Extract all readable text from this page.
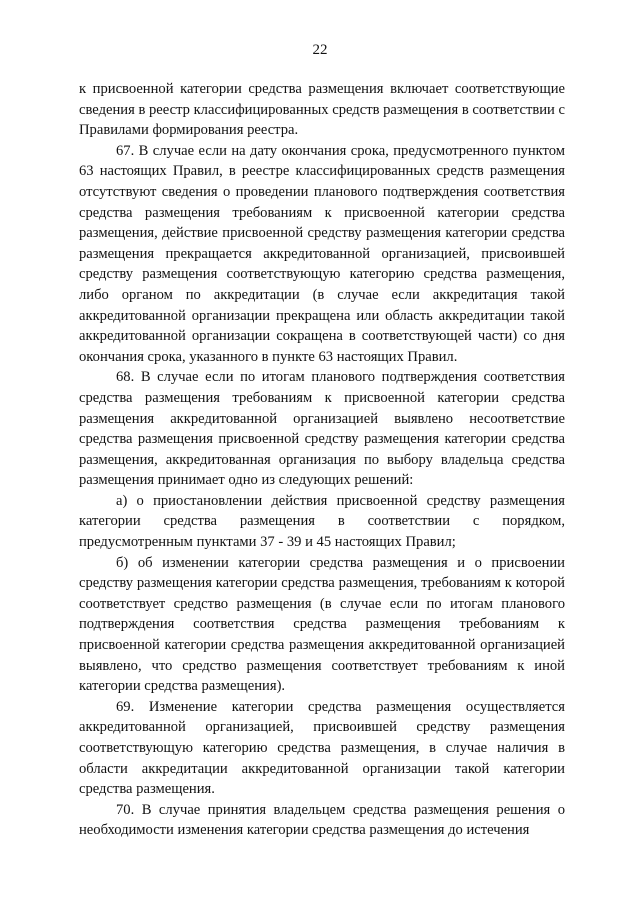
22

к присвоенной категории средства размещения включает соответствующие сведения в реестр классифицированных средств размещения в соответствии с Правилами формирования реестра.

67. В случае если на дату окончания срока, предусмотренного пунктом 63 настоящих Правил, в реестре классифицированных средств размещения отсутствуют сведения о проведении планового подтверждения соответствия средства размещения требованиям к присвоенной категории средства размещения, действие присвоенной средству размещения категории средства размещения прекращается аккредитованной организацией, присвоившей средству размещения соответствующую категорию средства размещения, либо органом по аккредитации (в случае если аккредитация такой аккредитованной организации прекращена или область аккредитации такой аккредитованной организации сокращена в соответствующей части) со дня окончания срока, указанного в пункте 63 настоящих Правил.

68. В случае если по итогам планового подтверждения соответствия средства размещения требованиям к присвоенной категории средства размещения аккредитованной организацией выявлено несоответствие средства размещения присвоенной средству размещения категории средства размещения, аккредитованная организация по выбору владельца средства размещения принимает одно из следующих решений:

а) о приостановлении действия присвоенной средству размещения категории средства размещения в соответствии с порядком, предусмотренным пунктами 37 - 39 и 45 настоящих Правил;

б) об изменении категории средства размещения и о присвоении средству размещения категории средства размещения, требованиям к которой соответствует средство размещения (в случае если по итогам планового подтверждения соответствия средства размещения требованиям к присвоенной категории средства размещения аккредитованной организацией выявлено, что средство размещения соответствует требованиям к иной категории средства размещения).

69. Изменение категории средства размещения осуществляется аккредитованной организацией, присвоившей средству размещения соответствующую категорию средства размещения, в случае наличия в области аккредитации аккредитованной организации такой категории средства размещения.

70. В случае принятия владельцем средства размещения решения о необходимости изменения категории средства размещения до истечения
